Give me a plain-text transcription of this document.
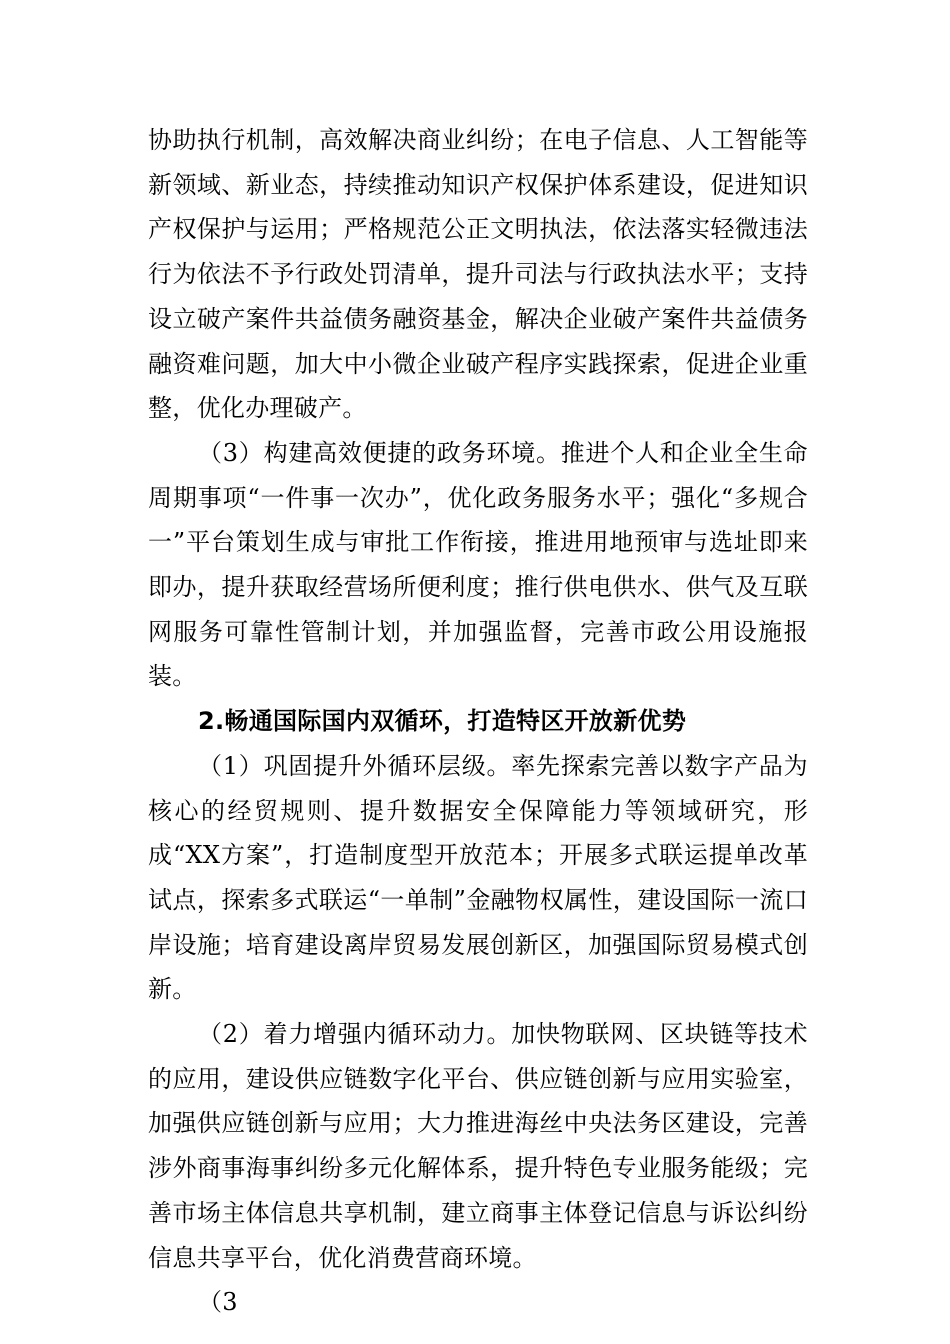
协助执行机制，高效解决商业纠纷；在电子信息、人工智能等新领域、新业态，持续推动知识产权保护体系建设，促进知识产权保护与运用；严格规范公正文明执法，依法落实轻微违法行为依法不予行政处罚清单，提升司法与行政执法水平；支持设立破产案件共益债务融资基金，解决企业破产案件共益债务融资难问题，加大中小微企业破产程序实践探索，促进企业重整，优化办理破产。

（3）构建高效便捷的政务环境。推进个人和企业全生命周期事项“一件事一次办”，优化政务服务水平；强化“多规合一”平台策划生成与审批工作衔接，推进用地预审与选址即来即办，提升获取经营场所便利度；推行供电供水、供气及互联网服务可靠性管制计划，并加强监督，完善市政公用设施报装。

2.畅通国际国内双循环，打造特区开放新优势

（1）巩固提升外循环层级。率先探索完善以数字产品为核心的经贸规则、提升数据安全保障能力等领域研究，形成“XX方案”，打造制度型开放范本；开展多式联运提单改革试点，探索多式联运“一单制”金融物权属性，建设国际一流口岸设施；培育建设离岸贸易发展创新区，加强国际贸易模式创新。

（2）着力增强内循环动力。加快物联网、区块链等技术的应用，建设供应链数字化平台、供应链创新与应用实验室，加强供应链创新与应用；大力推进海丝中央法务区建设，完善涉外商事海事纠纷多元化解体系，提升特色专业服务能级；完善市场主体信息共享机制，建立商事主体登记信息与诉讼纠纷信息共享平台，优化消费营商环境。

（3
